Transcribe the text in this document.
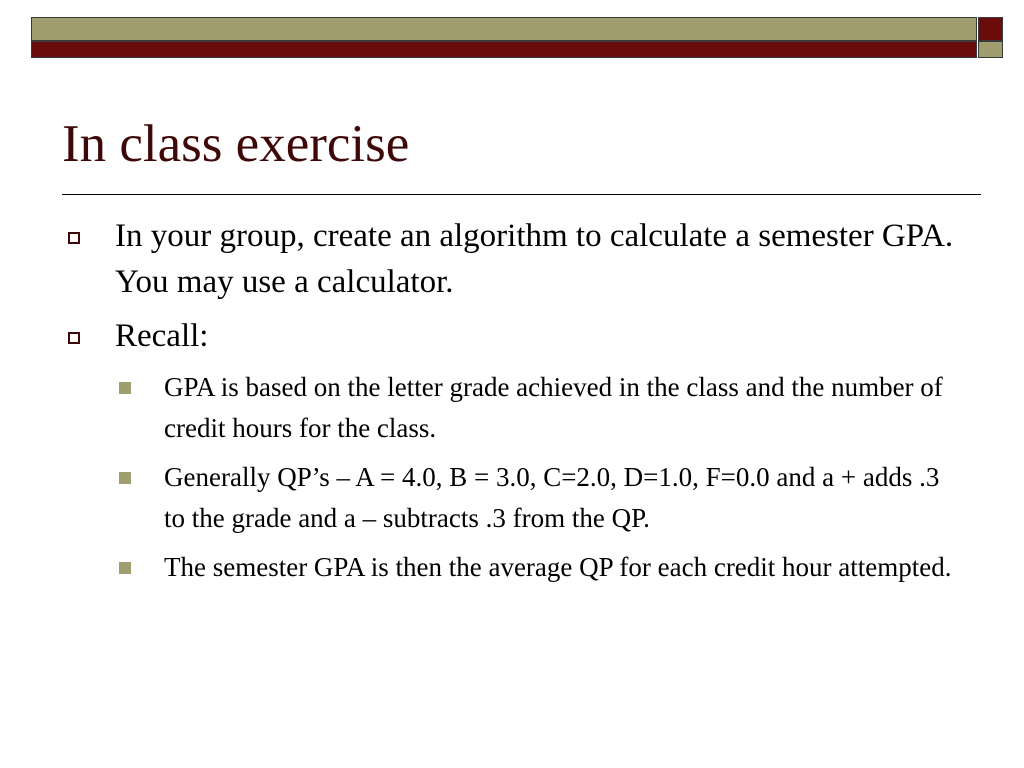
In class exercise
In your group, create an algorithm to calculate a semester GPA. You may use a calculator.
Recall:
GPA is based on the letter grade achieved in the class and the number of credit hours for the class.
Generally QP’s – A = 4.0, B = 3.0, C=2.0, D=1.0, F=0.0 and a + adds .3 to the grade and a – subtracts .3 from the QP.
The semester GPA is then the average QP for each credit hour attempted.
